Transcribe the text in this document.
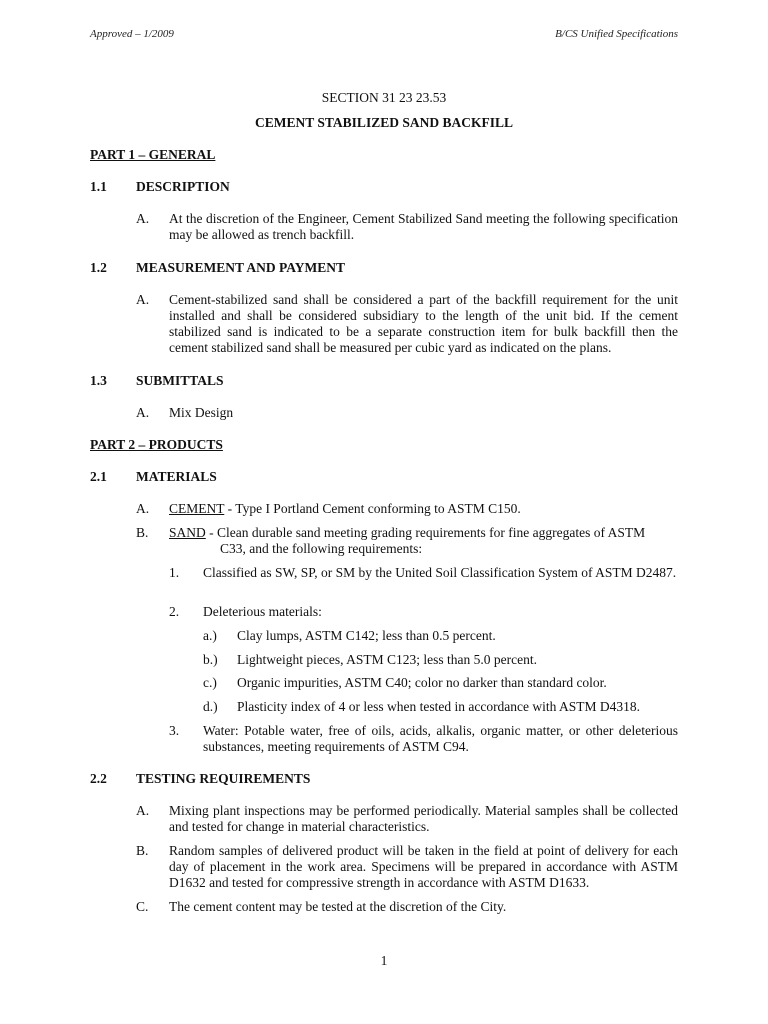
Approved – 1/2009	B/CS Unified Specifications
SECTION 31 23 23.53
CEMENT STABILIZED SAND BACKFILL
PART 1 – GENERAL
1.1 DESCRIPTION
A. At the discretion of the Engineer, Cement Stabilized Sand meeting the following specification may be allowed as trench backfill.
1.2 MEASUREMENT AND PAYMENT
A. Cement-stabilized sand shall be considered a part of the backfill requirement for the unit installed and shall be considered subsidiary to the length of the unit bid. If the cement stabilized sand is indicated to be a separate construction item for bulk backfill then the cement stabilized sand shall be measured per cubic yard as indicated on the plans.
1.3 SUBMITTALS
A. Mix Design
PART 2 – PRODUCTS
2.1 MATERIALS
A. CEMENT - Type I Portland Cement conforming to ASTM C150.
B. SAND - Clean durable sand meeting grading requirements for fine aggregates of ASTM
C33, and the following requirements:
1. Classified as SW, SP, or SM by the United Soil Classification System of ASTM D2487.
2. Deleterious materials:
a.) Clay lumps, ASTM C142; less than 0.5 percent.
b.) Lightweight pieces, ASTM C123; less than 5.0 percent.
c.) Organic impurities, ASTM C40; color no darker than standard color.
d.) Plasticity index of 4 or less when tested in accordance with ASTM D4318.
3. Water: Potable water, free of oils, acids, alkalis, organic matter, or other deleterious substances, meeting requirements of ASTM C94.
2.2 TESTING REQUIREMENTS
A. Mixing plant inspections may be performed periodically. Material samples shall be collected and tested for change in material characteristics.
B. Random samples of delivered product will be taken in the field at point of delivery for each day of placement in the work area. Specimens will be prepared in accordance with ASTM D1632 and tested for compressive strength in accordance with ASTM D1633.
C. The cement content may be tested at the discretion of the City.
1
